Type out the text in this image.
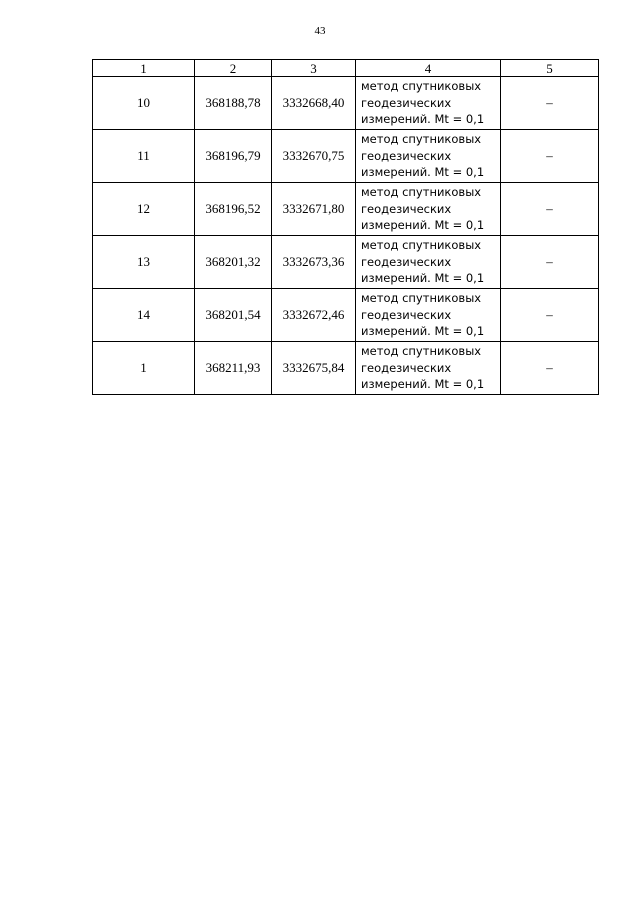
43
1	2	3	4	5
10	368188,78	3332668,40	метод спутниковых
геодезических
измерений. Mt = 0,1	–
11	368196,79	3332670,75	метод спутниковых
геодезических
измерений. Mt = 0,1	–
12	368196,52	3332671,80	метод спутниковых
геодезических
измерений. Mt = 0,1	–
13	368201,32	3332673,36	метод спутниковых
геодезических
измерений. Mt = 0,1	–
14	368201,54	3332672,46	метод спутниковых
геодезических
измерений. Mt = 0,1	–
1	368211,93	3332675,84	метод спутниковых
геодезических
измерений. Mt = 0,1	–
